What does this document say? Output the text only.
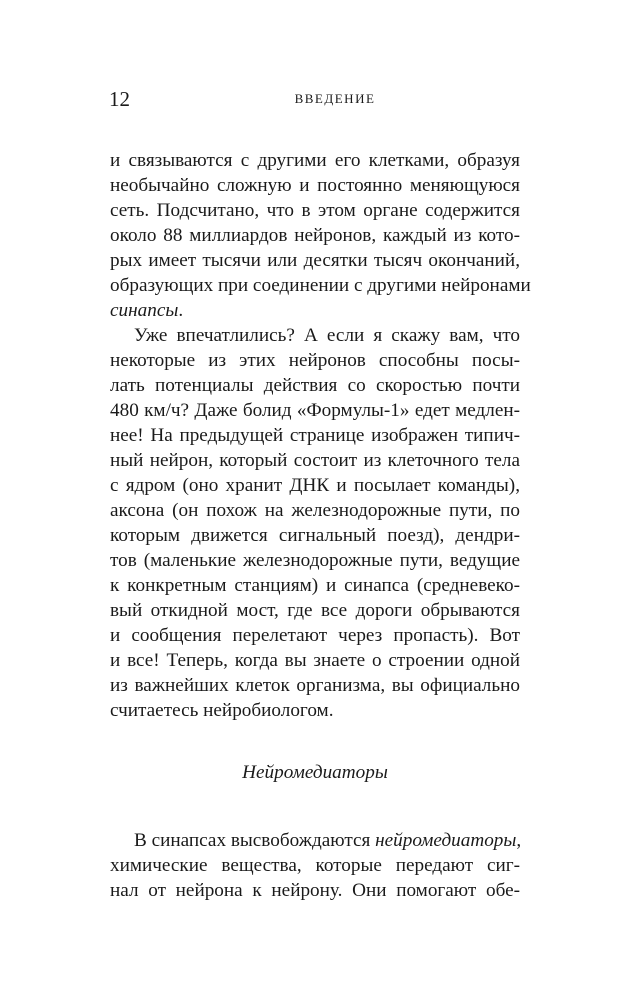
12	ВВЕДЕНИЕ
и связываются с другими его клетками, образуя
необычайно сложную и постоянно меняющуюся
сеть. Подсчитано, что в этом органе содержится
около 88 миллиардов нейронов, каждый из кото-
рых имеет тысячи или десятки тысяч окончаний,
образующих при соединении с другими нейронами
синапсы.
Уже впечатлились? А если я скажу вам, что
некоторые из этих нейронов способны посы-
лать потенциалы действия со скоростью почти
480 км/ч? Даже болид «Формулы-1» едет медлен-
нее! На предыдущей странице изображен типич-
ный нейрон, который состоит из клеточного тела
с ядром (оно хранит ДНК и посылает команды),
аксона (он похож на железнодорожные пути, по
которым движется сигнальный поезд), дендри-
тов (маленькие железнодорожные пути, ведущие
к конкретным станциям) и синапса (средневеко-
вый откидной мост, где все дороги обрываются
и сообщения перелетают через пропасть). Вот
и все! Теперь, когда вы знаете о строении одной
из важнейших клеток организма, вы официально
считаетесь нейробиологом.
Нейромедиаторы
В синапсах высвобождаются нейромедиаторы,
химические вещества, которые передают сиг-
нал от нейрона к нейрону. Они помогают обе-
